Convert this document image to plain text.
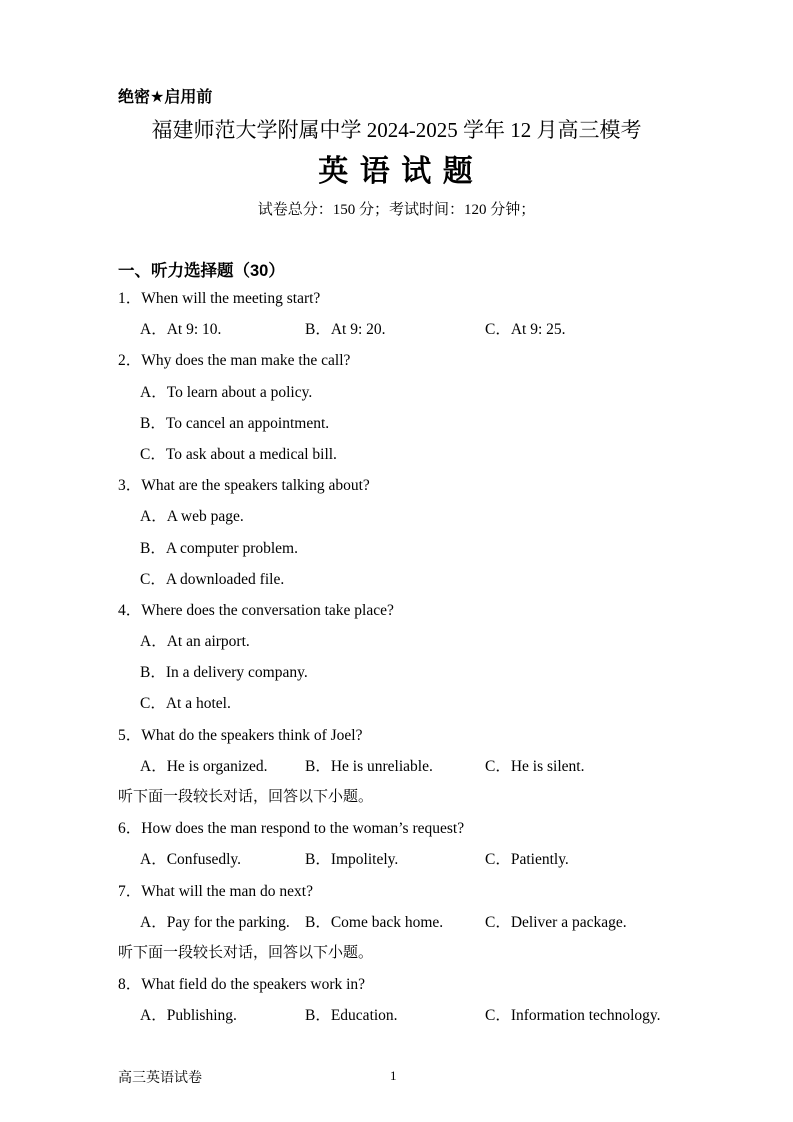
绝密★启用前
福建师范大学附属中学 2024-2025 学年 12 月高三模考
英 语 试 题
试卷总分：150 分；考试时间：120 分钟；
一、听力选择题（30）
1．When will the meeting start?
A．At 9: 10.	B．At 9: 20.	C．At 9: 25.
2．Why does the man make the call?
A．To learn about a policy.
B．To cancel an appointment.
C．To ask about a medical bill.
3．What are the speakers talking about?
A．A web page.
B．A computer problem.
C．A downloaded file.
4．Where does the conversation take place?
A．At an airport.
B．In a delivery company.
C．At a hotel.
5．What do the speakers think of Joel?
A．He is organized. B．He is unreliable.	C．He is silent.
听下面一段较长对话，回答以下小题。
6．How does the man respond to the woman’s request?
A．Confusedly.	B．Impolitely.	C．Patiently.
7．What will the man do next?
A．Pay for the parking. B．Come back home.	C．Deliver a package.
听下面一段较长对话，回答以下小题。
8．What field do the speakers work in?
A．Publishing.	B．Education.	C．Information technology.
高三英语试卷	1
